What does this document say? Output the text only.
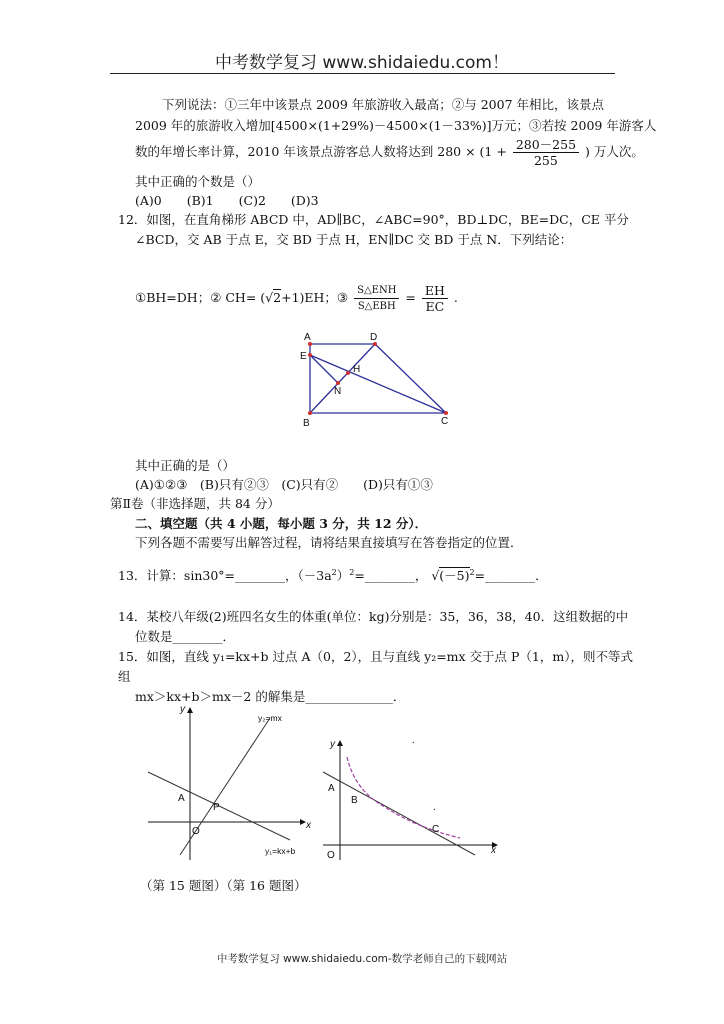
中考数学复习 www.shidaiedu.com！
下列说法：①三年中该景点 2009 年旅游收入最高；②与 2007 年相比，该景点
2009 年的旅游收入增加[4500×(1+29%)－4500×(1－33%)]万元；③若按 2009 年游客人
数的年增长率计算，2010 年该景点游客总人数将达到 $280 \times (1 + \frac{280-255}{255}$ ) 万人次。
其中正确的个数是（）
(A)0　　(B)1　　(C)2　　(D)3
12．如图，在直角梯形 ABCD 中，AD∥BC，∠ABC=90°，BD⊥DC，BE=DC，CE 平分
∠BCD，交 AB 于点 E，交 BD 于点 H，EN∥DC 交 BD 于点 N．下列结论：
①BH=DH；② CH= (√2+1)EH；③ $\frac{\text{S△ENH}}{\text{S△EBH}} = \frac{EH}{EC}$ .
A	D
E
H
N
B	C
其中正确的是（）
(A)①②③　(B)只有②③　(C)只有②　　(D)只有①③
第Ⅱ卷（非选择题，共 84 分）
二、填空题（共 4 小题，每小题 3 分，共 12 分）．
下列各题不需要写出解答过程，请将结果直接填写在答卷指定的位置．
13．计算：sin30°=________，$(-3a^2)^2=\_\_\_\_\_\_\_\_$， $√(-5)^2=\_\_\_\_\_\_\_\_$．
14．某校八年级(2)班四名女生的体重(单位：kg)分别是：35，36，38，40．这组数据的中
位数是________．
15．如图，直线 y₁=kx+b 过点 A（0，2），且与直线 y₂=mx 交于点 P（1，m），则不等式
组
mx＞kx+b＞mx－2 的解集是______________．
y
x
O
A
P
y₂=mx
y₁=kx+b
y
x
O
A
B
C
.
.
（第 15 题图）（第 16 题图）
中考数学复习 www.shidaiedu.com-数学老师自己的下载网站
